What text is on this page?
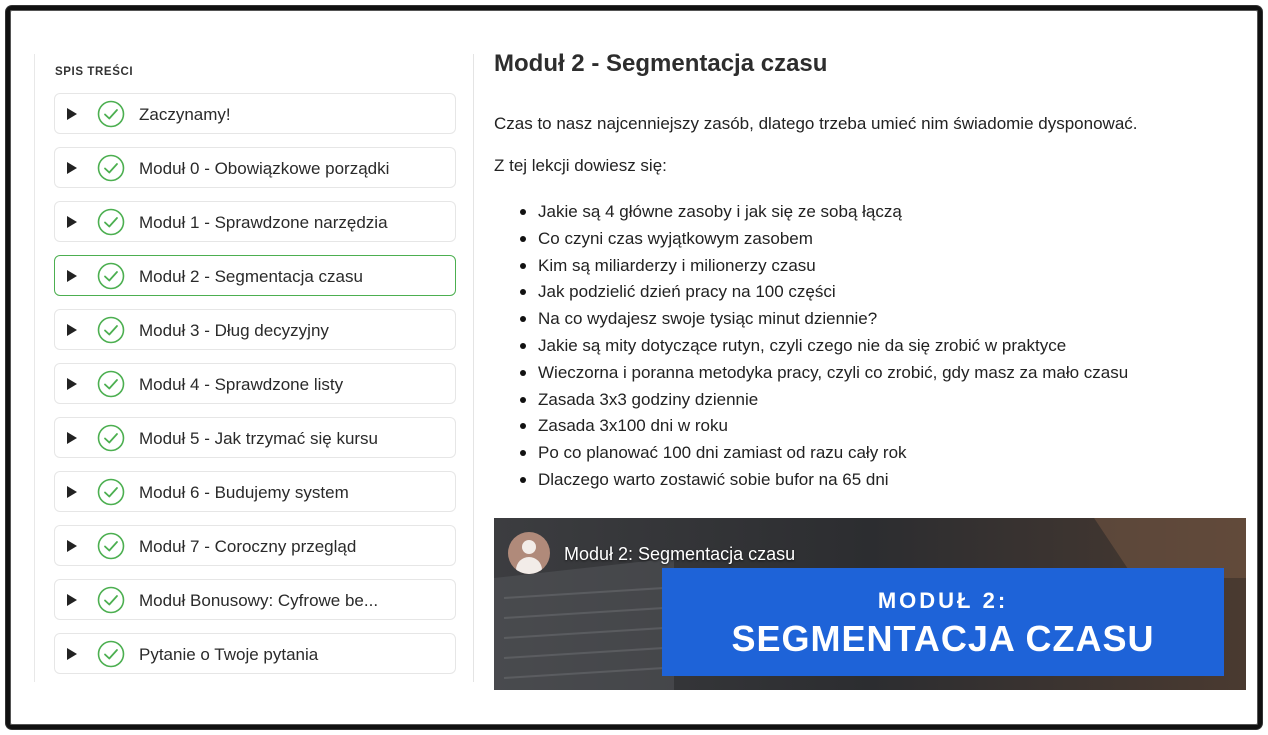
SPIS TREŚCI
Zaczynamy!
Moduł 0 - Obowiązkowe porządki
Moduł 1 - Sprawdzone narzędzia
Moduł 2 - Segmentacja czasu
Moduł 3 - Dług decyzyjny
Moduł 4 - Sprawdzone listy
Moduł 5 - Jak trzymać się kursu
Moduł 6 - Budujemy system
Moduł 7 - Coroczny przegląd
Moduł Bonusowy: Cyfrowe be...
Pytanie o Twoje pytania
Moduł 2 - Segmentacja czasu
Czas to nasz najcenniejszy zasób, dlatego trzeba umieć nim świadomie dysponować.
Z tej lekcji dowiesz się:
Jakie są 4 główne zasoby i jak się ze sobą łączą
Co czyni czas wyjątkowym zasobem
Kim są miliarderzy i milionerzy czasu
Jak podzielić dzień pracy na 100 części
Na co wydajesz swoje tysiąc minut dziennie?
Jakie są mity dotyczące rutyn, czyli czego nie da się zrobić w praktyce
Wieczorna i poranna metodyka pracy, czyli co zrobić, gdy masz za mało czasu
Zasada 3x3 godziny dziennie
Zasada 3x100 dni w roku
Po co planować 100 dni zamiast od razu cały rok
Dlaczego warto zostawić sobie bufor na 65 dni
Moduł 2: Segmentacja czasu
MODUŁ 2:
SEGMENTACJA CZASU
